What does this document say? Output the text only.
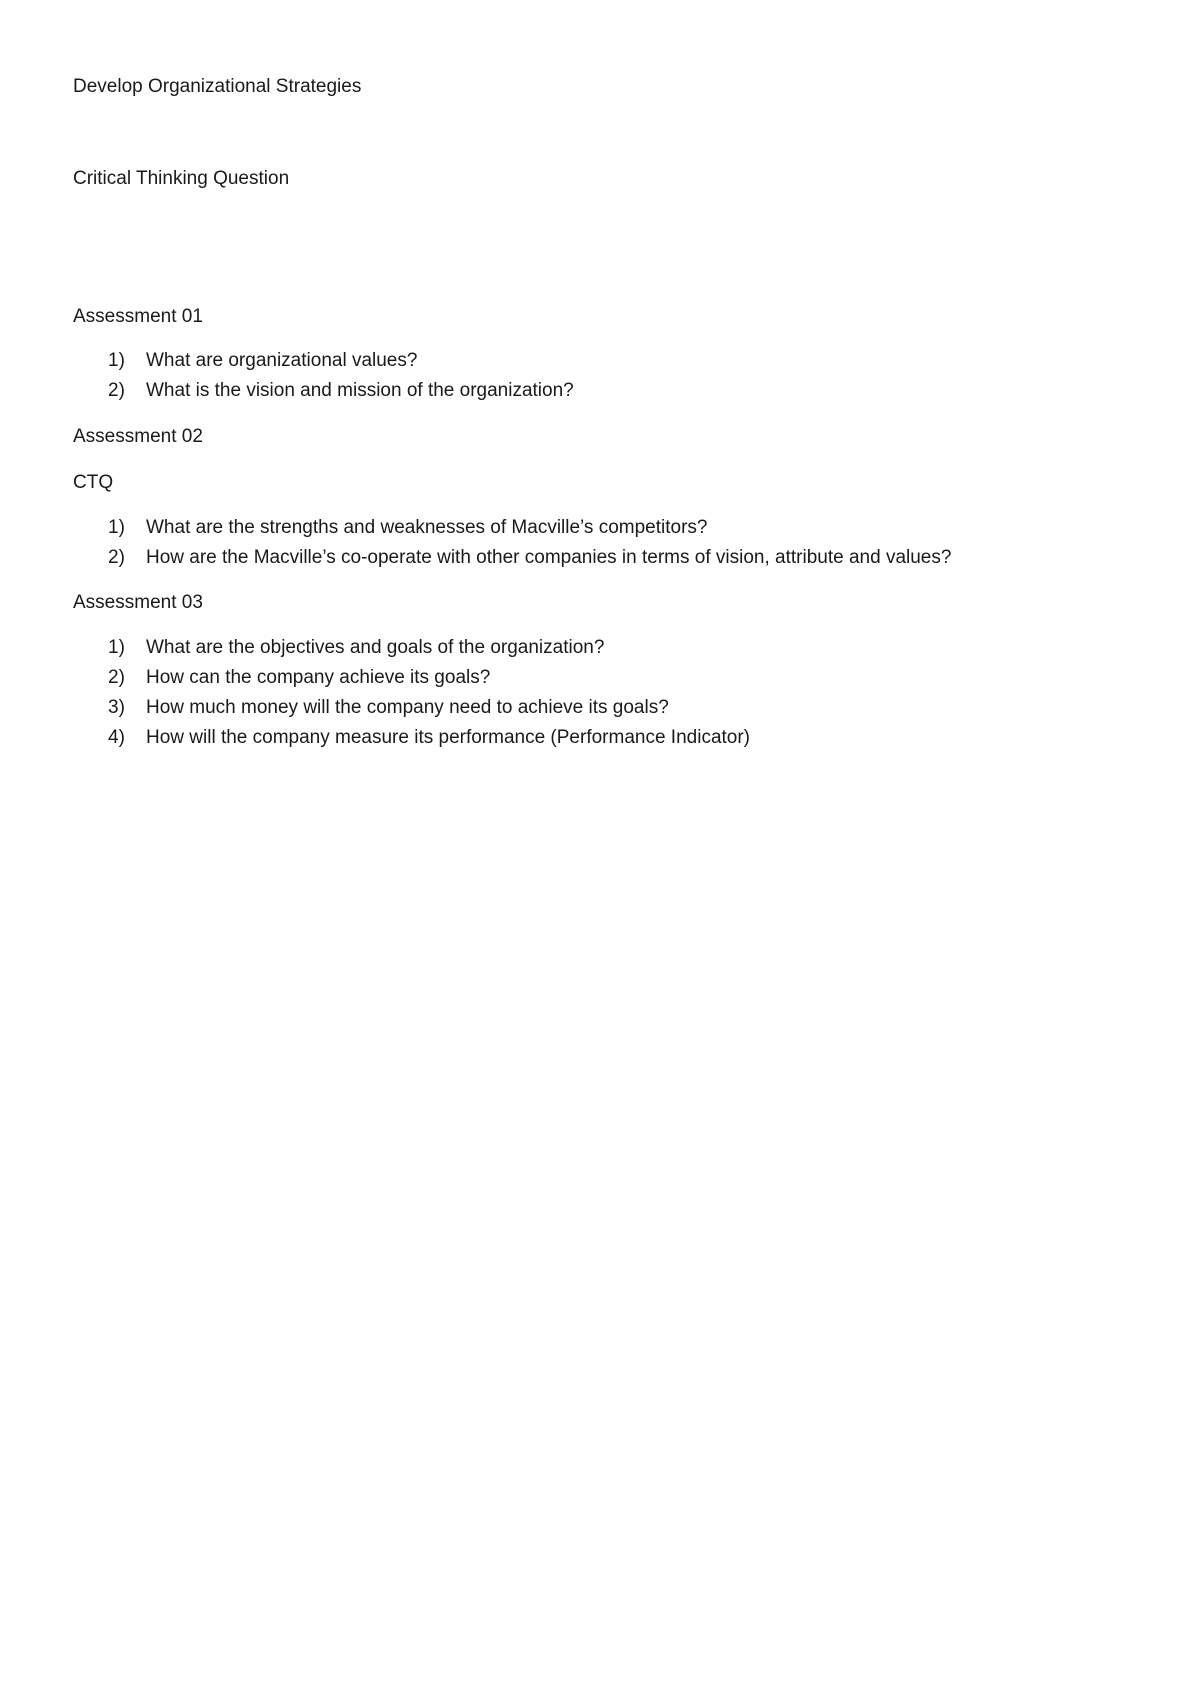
Develop Organizational Strategies
Critical Thinking Question
Assessment 01
1) What are organizational values?
2) What is the vision and mission of the organization?
Assessment 02
CTQ
1) What are the strengths and weaknesses of Macville’s competitors?
2) How are the Macville’s co-operate with other companies in terms of vision, attribute and values?
Assessment 03
1) What are the objectives and goals of the organization?
2) How can the company achieve its goals?
3) How much money will the company need to achieve its goals?
4) How will the company measure its performance (Performance Indicator)
